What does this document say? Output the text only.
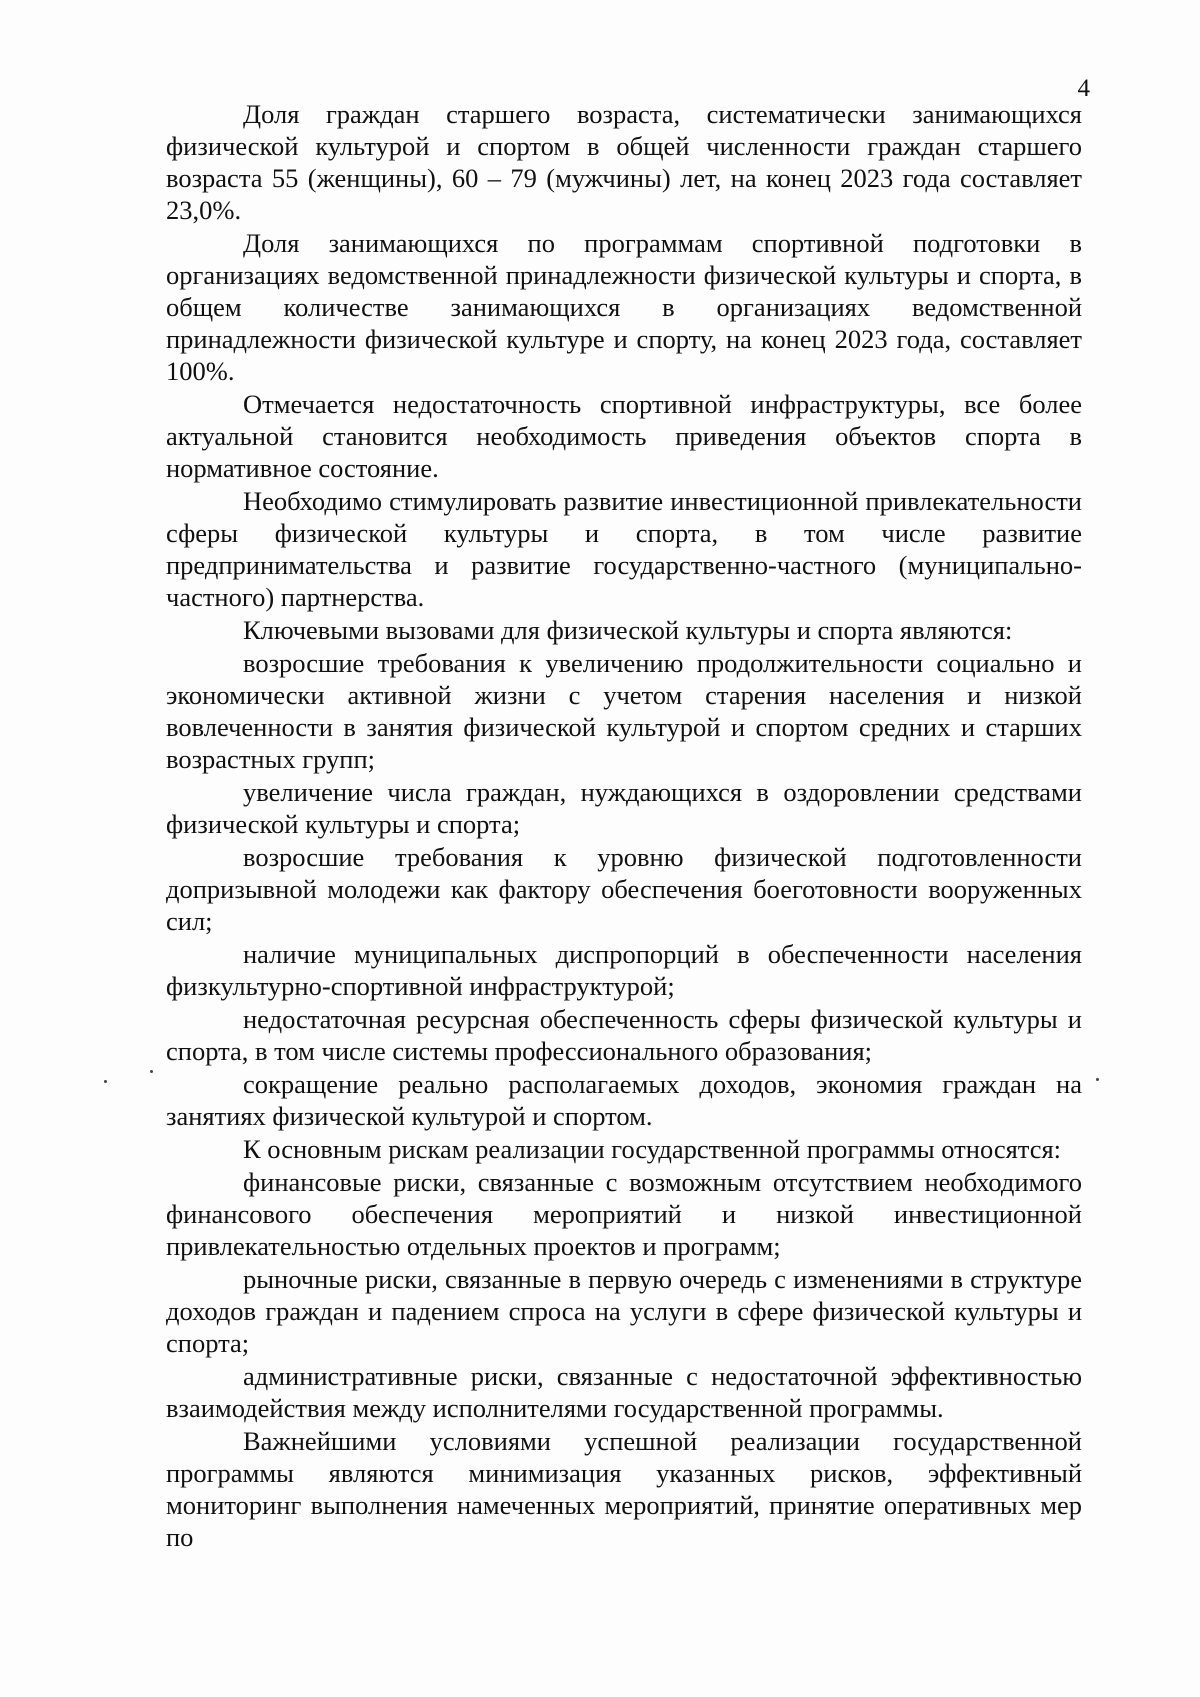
4

Доля граждан старшего возраста, систематически занимающихся физической культурой и спортом в общей численности граждан старшего возраста 55 (женщины), 60 – 79 (мужчины) лет, на конец 2023 года составляет 23,0%.

Доля занимающихся по программам спортивной подготовки в организациях ведомственной принадлежности физической культуры и спорта, в общем количестве занимающихся в организациях ведомственной принадлежности физической культуре и спорту, на конец 2023 года, составляет 100%.

Отмечается недостаточность спортивной инфраструктуры, все более актуальной становится необходимость приведения объектов спорта в нормативное состояние.

Необходимо стимулировать развитие инвестиционной привлекательности сферы физической культуры и спорта, в том числе развитие предпринимательства и развитие государственно-частного (муниципально-частного) партнерства.

Ключевыми вызовами для физической культуры и спорта являются:

возросшие требования к увеличению продолжительности социально и экономически активной жизни с учетом старения населения и низкой вовлеченности в занятия физической культурой и спортом средних и старших возрастных групп;

увеличение числа граждан, нуждающихся в оздоровлении средствами физической культуры и спорта;

возросшие требования к уровню физической подготовленности допризывной молодежи как фактору обеспечения боеготовности вооруженных сил;

наличие муниципальных диспропорций в обеспеченности населения физкультурно-спортивной инфраструктурой;

недостаточная ресурсная обеспеченность сферы физической культуры и спорта, в том числе системы профессионального образования;

сокращение реально располагаемых доходов, экономия граждан на занятиях физической культурой и спортом.

К основным рискам реализации государственной программы относятся:

финансовые риски, связанные с возможным отсутствием необходимого финансового обеспечения мероприятий и низкой инвестиционной привлекательностью отдельных проектов и программ;

рыночные риски, связанные в первую очередь с изменениями в структуре доходов граждан и падением спроса на услуги в сфере физической культуры и спорта;

административные риски, связанные с недостаточной эффективностью взаимодействия между исполнителями государственной программы.

Важнейшими условиями успешной реализации государственной программы являются минимизация указанных рисков, эффективный мониторинг выполнения намеченных мероприятий, принятие оперативных мер по
